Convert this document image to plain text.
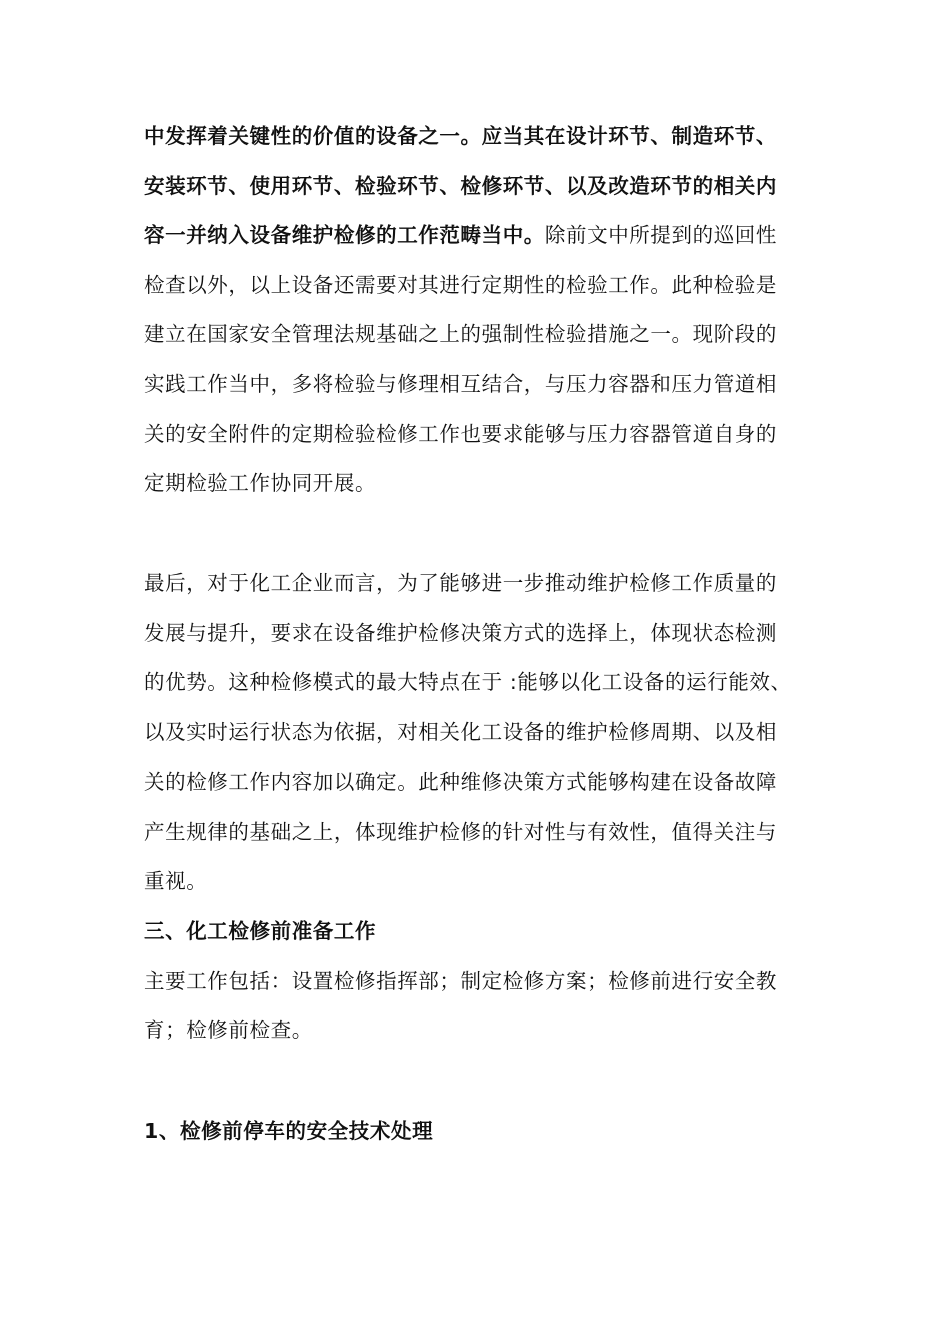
中发挥着关键性的价值的设备之一。应当其在设计环节、制造环节、
安装环节、使用环节、检验环节、检修环节、以及改造环节的相关内
容一并纳入设备维护检修的工作范畴当中。除前文中所提到的巡回性
检查以外，以上设备还需要对其进行定期性的检验工作。此种检验是
建立在国家安全管理法规基础之上的强制性检验措施之一。现阶段的
实践工作当中，多将检验与修理相互结合，与压力容器和压力管道相
关的安全附件的定期检验检修工作也要求能够与压力容器管道自身的
定期检验工作协同开展。
最后，对于化工企业而言，为了能够进一步推动维护检修工作质量的
发展与提升，要求在设备维护检修决策方式的选择上，体现状态检测
的优势。这种检修模式的最大特点在于 :能够以化工设备的运行能效、
以及实时运行状态为依据，对相关化工设备的维护检修周期、以及相
关的检修工作内容加以确定。此种维修决策方式能够构建在设备故障
产生规律的基础之上，体现维护检修的针对性与有效性，值得关注与
重视。
三、化工检修前准备工作
主要工作包括：设置检修指挥部；制定检修方案；检修前进行安全教
育；检修前检查。
1、检修前停车的安全技术处理
